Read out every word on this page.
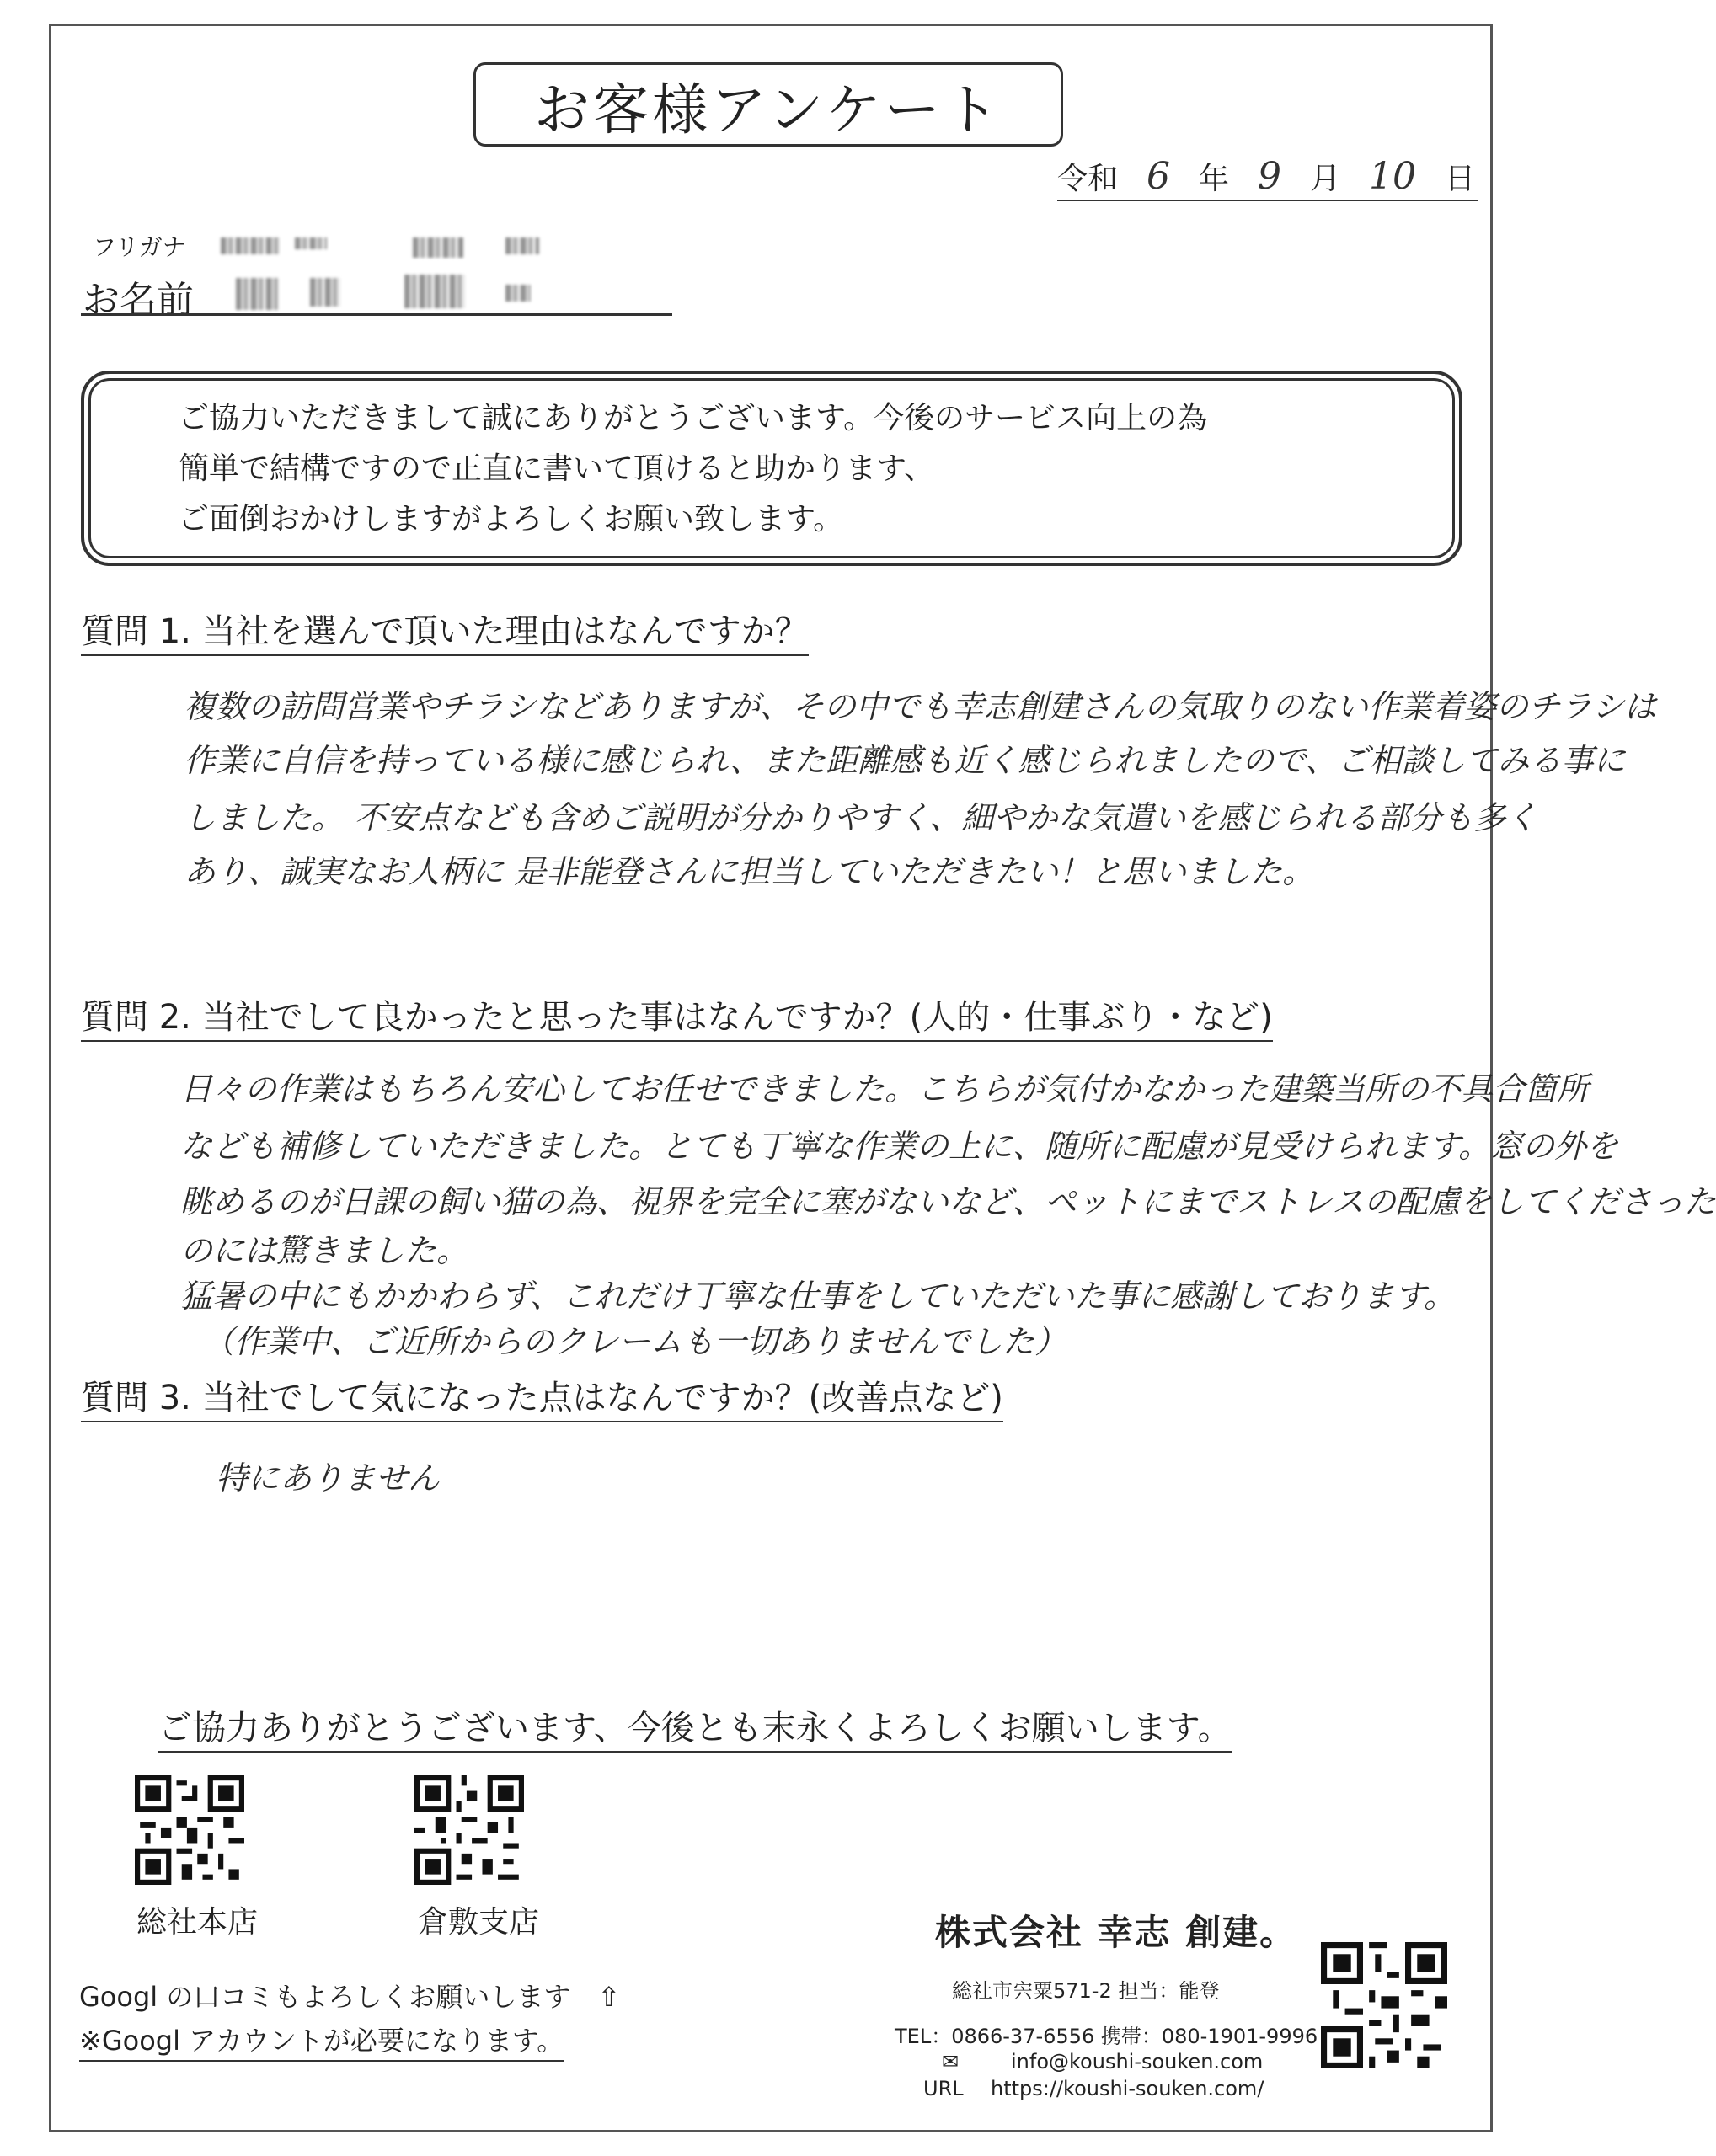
お客様アンケート
令和 6 年 9 月 10 日
フリガナ
お名前
ご協力いただきまして誠にありがとうございます。今後のサービス向上の為
簡単で結構ですので正直に書いて頂けると助かります、
ご面倒おかけしますがよろしくお願い致します。
質問 1. 当社を選んで頂いた理由はなんですか？
複数の訪問営業やチラシなどありますが、その中でも幸志創建さんの気取りのない作業着姿のチラシは
作業に自信を持っている様に感じられ、また距離感も近く感じられましたので、ご相談してみる事に
しました。 不安点なども含めご説明が分かりやすく、細やかな気遣いを感じられる部分も多く
あり、誠実なお人柄に 是非能登さんに担当していただきたい！と思いました。
質問 2. 当社でして良かったと思った事はなんですか？(人的・仕事ぶり・など)
日々の作業はもちろん安心してお任せできました。こちらが気付かなかった建築当所の不具合箇所
なども補修していただきました。とても丁寧な作業の上に、随所に配慮が見受けられます。窓の外を
眺めるのが日課の飼い猫の為、視界を完全に塞がないなど、ペットにまでストレスの配慮をしてくださった
のには驚きました。
猛暑の中にもかかわらず、これだけ丁寧な仕事をしていただいた事に感謝しております。
（作業中、ご近所からのクレームも一切ありませんでした）
質問 3. 当社でして気になった点はなんですか？(改善点など)
特にありません
ご協力ありがとうございます、今後とも末永くよろしくお願いします。
総社本店	倉敷支店
Googl の口コミもよろしくお願いします　⇧
※Googl アカウントが必要になります。
株式会社 幸志 創建。
総社市宍粟571-2 担当：能登
TEL：0866-37-6556 携帯：080-1901-9996
✉	info@koushi-souken.com
URL https://koushi-souken.com/
